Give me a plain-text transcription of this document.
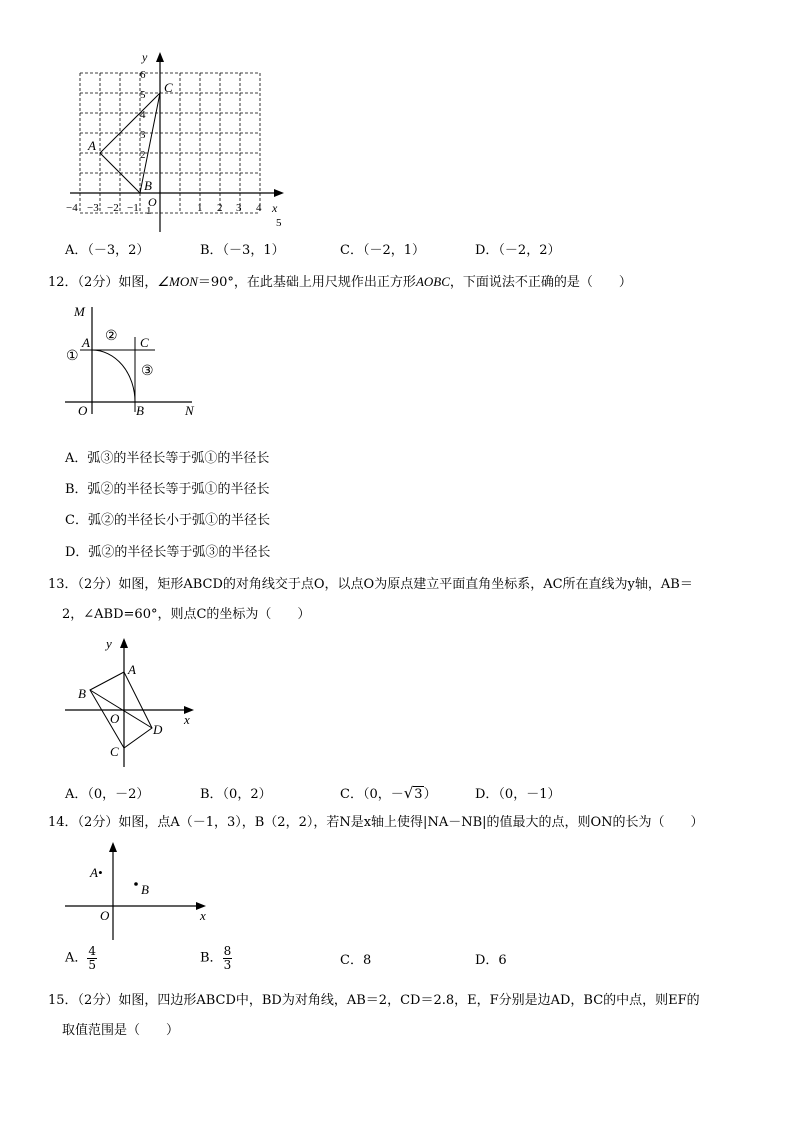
y
x
6
5
4
3
2
1
−4 −3 −2 −1	1 2 3 4
5
O
A
B
C
A．（－3，2）	B．（－3，1）	C．（－2，1）	D．（－2，2）
12．（2分）如图，∠MON＝90°，在此基础上用尺规作出正方形AOBC，下面说法不正确的是（　　）
M
A	C
O	B	N
①
②
③
A．弧③的半径长等于弧①的半径长
B．弧②的半径长等于弧①的半径长
C．弧②的半径长小于弧①的半径长
D．弧②的半径长等于弧③的半径长
13．（2分）如图，矩形ABCD的对角线交于点O，以点O为原点建立平面直角坐标系，AC所在直线为y轴，AB＝
2，∠ABD=60°，则点C的坐标为（　　）
y
x
A
B
C
D
O
A．（0，－2）	B．（0，2）	C．（0，－√3）	D．（0，－1）
14．（2分）如图，点A（－1，3），B（2，2），若N是x轴上使得|NA－NB|的值最大的点，则ON的长为（　　）
A•
B
O	x
A． $\frac{4}{5}$	B． $\frac{8}{3}$	C．8	D．6
15．（2分）如图，四边形ABCD中，BD为对角线，AB＝2，CD＝2.8，E，F分别是边AD，BC的中点，则EF的
取值范围是（　　）
